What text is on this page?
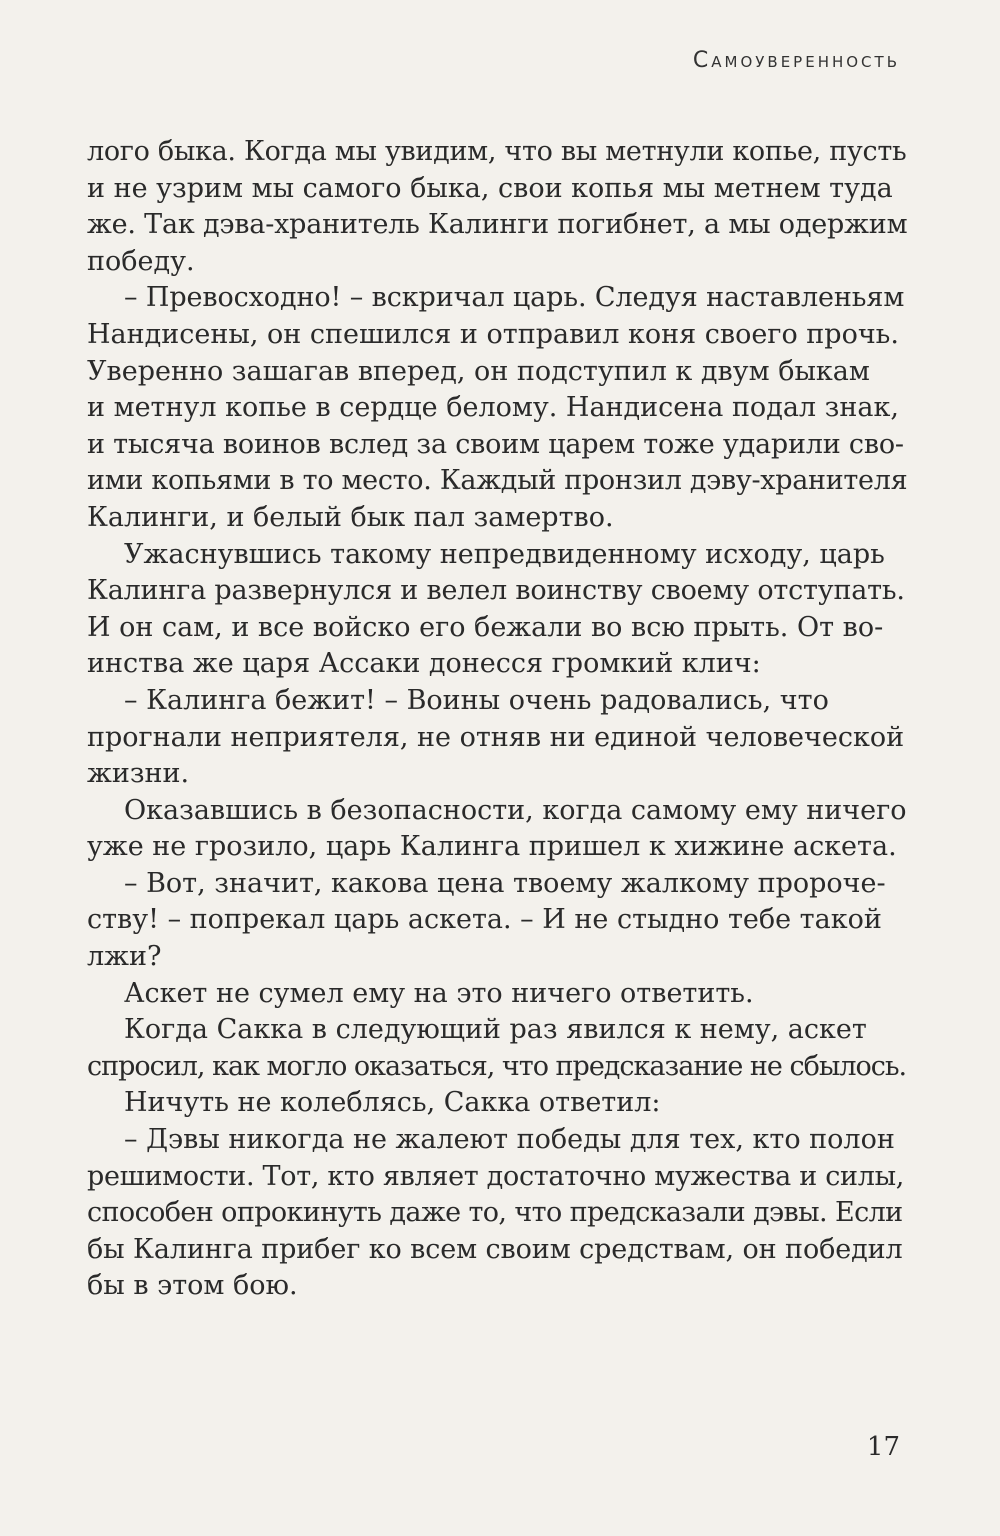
Самоуверенность
лого быка. Когда мы увидим, что вы метнули копье, пусть
и не узрим мы самого быка, свои копья мы метнем туда
же. Так дэва-хранитель Калинги погибнет, а мы одержим
победу.
– Превосходно! – вскричал царь. Следуя наставленьям
Нандисены, он спешился и отправил коня своего прочь.
Уверенно зашагав вперед, он подступил к двум быкам
и метнул копье в сердце белому. Нандисена подал знак,
и тысяча воинов вслед за своим царем тоже ударили сво-
ими копьями в то место. Каждый пронзил дэву-хранителя
Калинги, и белый бык пал замертво.
Ужаснувшись такому непредвиденному исходу, царь
Калинга развернулся и велел воинству своему отступать.
И он сам, и все войско его бежали во всю прыть. От во-
инства же царя Ассаки донесся громкий клич:
– Калинга бежит! – Воины очень радовались, что
прогнали неприятеля, не отняв ни единой человеческой
жизни.
Оказавшись в безопасности, когда самому ему ничего
уже не грозило, царь Калинга пришел к хижине аскета.
– Вот, значит, какова цена твоему жалкому пророче-
ству! – попрекал царь аскета. – И не стыдно тебе такой
лжи?
Аскет не сумел ему на это ничего ответить.
Когда Сакка в следующий раз явился к нему, аскет
спросил, как могло оказаться, что предсказание не сбылось.
Ничуть не колеблясь, Сакка ответил:
– Дэвы никогда не жалеют победы для тех, кто полон
решимости. Тот, кто являет достаточно мужества и силы,
способен опрокинуть даже то, что предсказали дэвы. Если
бы Калинга прибег ко всем своим средствам, он победил
бы в этом бою.
17
